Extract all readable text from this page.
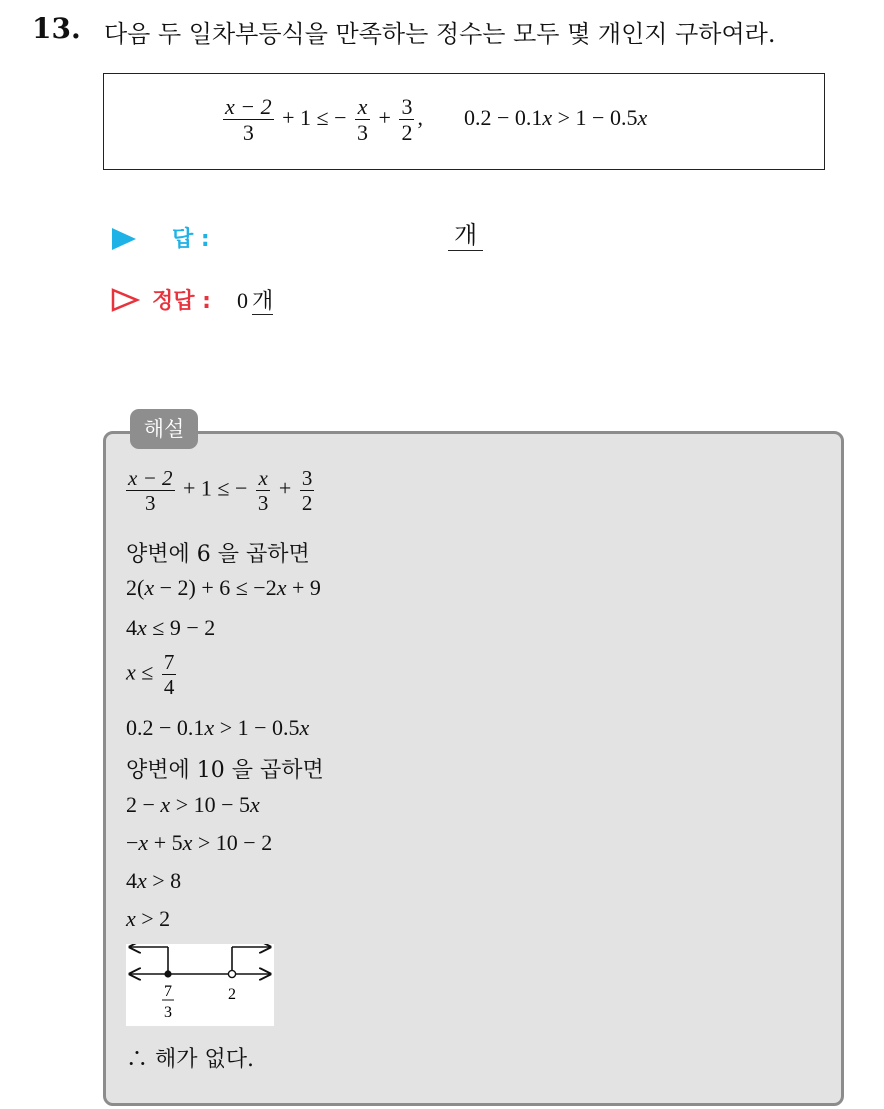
13. 다음 두 일차부등식을 만족하는 정수는 모두 몇 개인지 구하여라.
$\frac{x - 2}{3} + 1$ ≤ − $\frac{x}{3} + \frac{3}{2}$ , 0.2 − 0.1x > 1 − 0.5x
답 :	개
정답 : 0 개
해설
$\frac{x - 2}{3} + 1$ ≤ − $\frac{x}{3} + \frac{3}{2}$
양변에 6 을 곱하면
2(x − 2) + 6 ≤ −2x + 9
4x ≤ 9 − 2
$x \le \frac{7}{4}$
0.2 − 0.1x > 1 − 0.5x
양변에 10 을 곱하면
2 − x > 10 − 5x
−x + 5x > 10 − 2
4x > 8
x > 2
7
3
2
∴ 해가 없다.
